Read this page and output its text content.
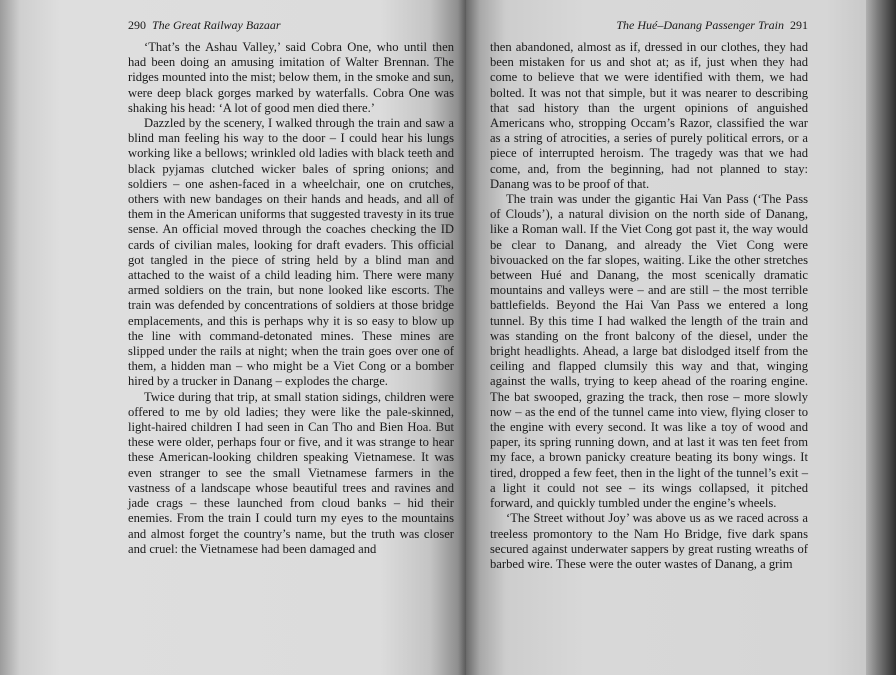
290 The Great Railway Bazaar

‘That’s the Ashau Valley,’ said Cobra One, who until then had been doing an amusing imitation of Walter Brennan. The ridges mounted into the mist; below them, in the smoke and sun, were deep black gorges marked by waterfalls. Cobra One was shaking his head: ‘A lot of good men died there.’

Dazzled by the scenery, I walked through the train and saw a blind man feeling his way to the door – I could hear his lungs working like a bellows; wrinkled old ladies with black teeth and black pyjamas clutched wicker bales of spring onions; and soldiers – one ashen-faced in a wheelchair, one on crutches, others with new bandages on their hands and heads, and all of them in the American uniforms that suggested travesty in its true sense. An official moved through the coaches checking the ID cards of civilian males, looking for draft evaders. This official got tangled in the piece of string held by a blind man and attached to the waist of a child leading him. There were many armed soldiers on the train, but none looked like escorts. The train was defended by concentrations of soldiers at those bridge emplacements, and this is perhaps why it is so easy to blow up the line with command-detonated mines. These mines are slipped under the rails at night; when the train goes over one of them, a hidden man – who might be a Viet Cong or a bomber hired by a trucker in Danang – explodes the charge.

Twice during that trip, at small station sidings, children were offered to me by old ladies; they were like the pale-skinned, light-haired children I had seen in Can Tho and Bien Hoa. But these were older, perhaps four or five, and it was strange to hear these American-looking children speaking Vietnamese. It was even stranger to see the small Vietnamese farmers in the vastness of a landscape whose beautiful trees and ravines and jade crags – these launched from cloud banks – hid their enemies. From the train I could turn my eyes to the mountains and almost forget the country’s name, but the truth was closer and cruel: the Vietnamese had been damaged and

The Hué–Danang Passenger Train 291

then abandoned, almost as if, dressed in our clothes, they had been mistaken for us and shot at; as if, just when they had come to believe that we were identified with them, we had bolted. It was not that simple, but it was nearer to describing that sad history than the urgent opinions of anguished Americans who, stropping Occam’s Razor, classified the war as a string of atrocities, a series of purely political errors, or a piece of interrupted heroism. The tragedy was that we had come, and, from the beginning, had not planned to stay: Danang was to be proof of that.

The train was under the gigantic Hai Van Pass (‘The Pass of Clouds’), a natural division on the north side of Danang, like a Roman wall. If the Viet Cong got past it, the way would be clear to Danang, and already the Viet Cong were bivouacked on the far slopes, waiting. Like the other stretches between Hué and Danang, the most scenically dramatic mountains and valleys were – and are still – the most terrible battlefields. Beyond the Hai Van Pass we entered a long tunnel. By this time I had walked the length of the train and was standing on the front balcony of the diesel, under the bright headlights. Ahead, a large bat dislodged itself from the ceiling and flapped clumsily this way and that, winging against the walls, trying to keep ahead of the roaring engine. The bat swooped, grazing the track, then rose – more slowly now – as the end of the tunnel came into view, flying closer to the engine with every second. It was like a toy of wood and paper, its spring running down, and at last it was ten feet from my face, a brown panicky creature beating its bony wings. It tired, dropped a few feet, then in the light of the tunnel’s exit – a light it could not see – its wings collapsed, it pitched forward, and quickly tumbled under the engine’s wheels.

‘The Street without Joy’ was above us as we raced across a treeless promontory to the Nam Ho Bridge, five dark spans secured against underwater sappers by great rusting wreaths of barbed wire. These were the outer wastes of Danang, a grim
